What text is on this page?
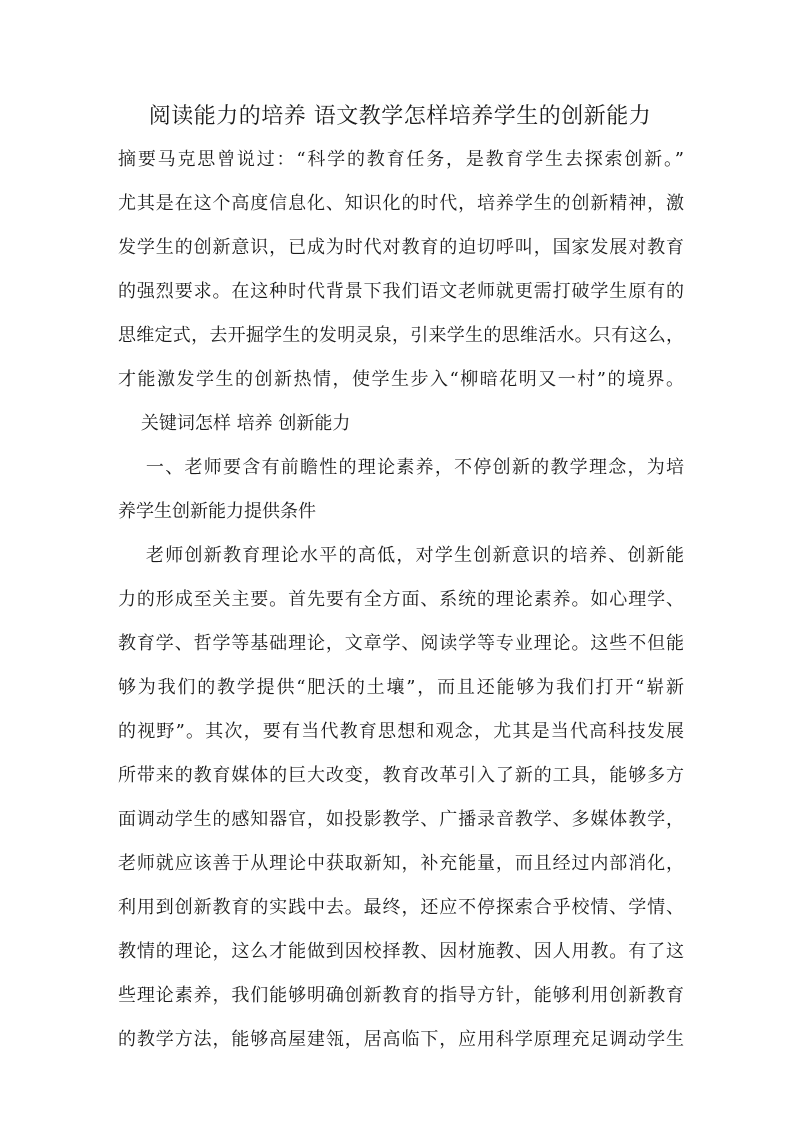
阅读能力的培养 语文教学怎样培养学生的创新能力
摘要马克思曾说过：“科学的教育任务，是教育学生去探索创新。”
尤其是在这个高度信息化、知识化的时代，培养学生的创新精神，激
发学生的创新意识，已成为时代对教育的迫切呼叫，国家发展对教育
的强烈要求。在这种时代背景下我们语文老师就更需打破学生原有的
思维定式，去开掘学生的发明灵泉，引来学生的思维活水。只有这么，
才能激发学生的创新热情，使学生步入“柳暗花明又一村”的境界。
关键词怎样 培养 创新能力
一、老师要含有前瞻性的理论素养，不停创新的教学理念，为培
养学生创新能力提供条件
老师创新教育理论水平的高低，对学生创新意识的培养、创新能
力的形成至关主要。首先要有全方面、系统的理论素养。如心理学、
教育学、哲学等基础理论，文章学、阅读学等专业理论。这些不但能
够为我们的教学提供“肥沃的土壤”，而且还能够为我们打开“崭新
的视野”。其次，要有当代教育思想和观念，尤其是当代高科技发展
所带来的教育媒体的巨大改变，教育改革引入了新的工具，能够多方
面调动学生的感知器官，如投影教学、广播录音教学、多媒体教学，
老师就应该善于从理论中获取新知，补充能量，而且经过内部消化，
利用到创新教育的实践中去。最终，还应不停探索合乎校情、学情、
教情的理论，这么才能做到因校择教、因材施教、因人用教。有了这
些理论素养，我们能够明确创新教育的指导方针，能够利用创新教育
的教学方法，能够高屋建瓴，居高临下，应用科学原理充足调动学生
